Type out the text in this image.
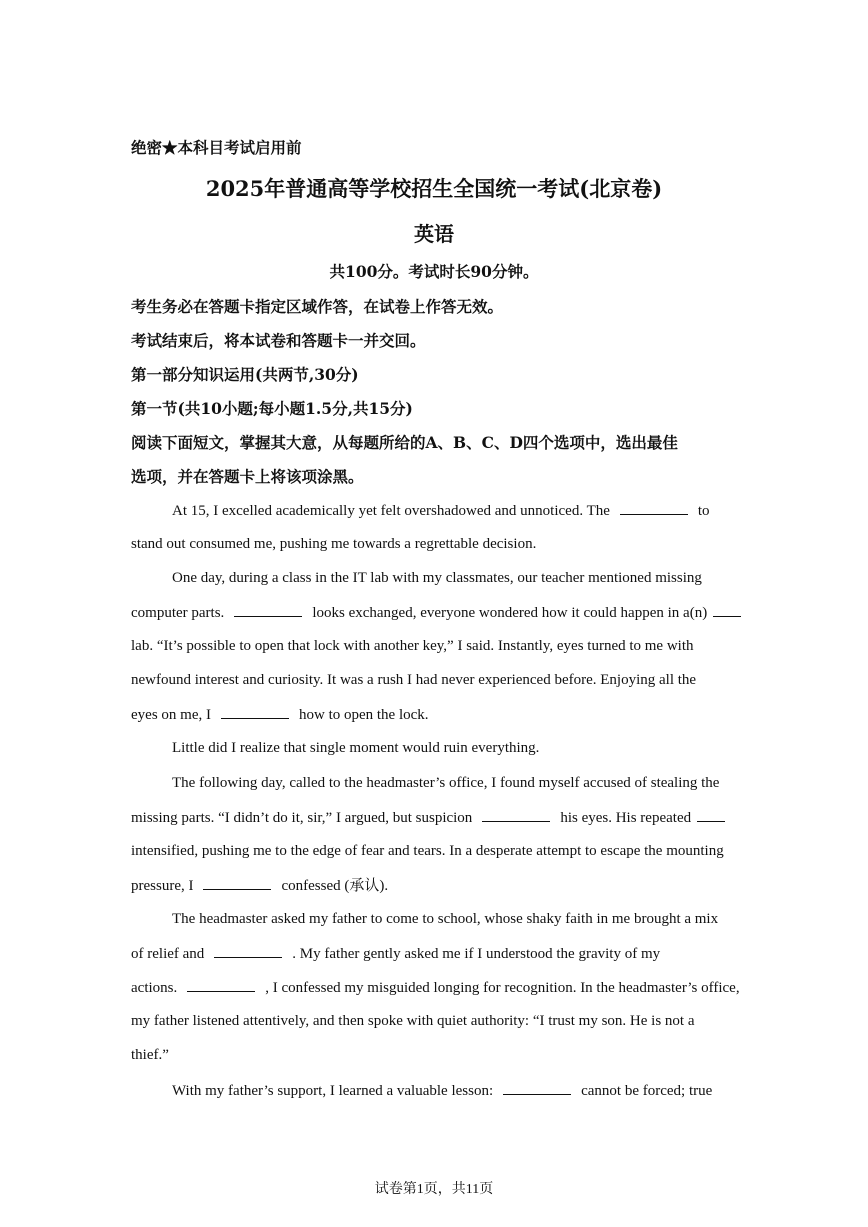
绝密★本科目考试启用前
2025年普通高等学校招生全国统一考试(北京卷)
英语
共100分。考试时长90分钟。
考生务必在答题卡指定区域作答，在试卷上作答无效。
考试结束后，将本试卷和答题卡一并交回。
第一部分知识运用(共两节,30分)
第一节(共10小题;每小题1.5分,共15分)
阅读下面短文，掌握其大意，从每题所给的A、B、C、D四个选项中，选出最佳
选项，并在答题卡上将该项涂黑。
At 15, I excelled academically yet felt overshadowed and unnoticed. The	to
stand out consumed me, pushing me towards a regrettable decision.
One day, during a class in the IT lab with my classmates, our teacher mentioned missing
computer parts.	looks exchanged, everyone wondered how it could happen in a(n)
lab. “It’s possible to open that lock with another key,” I said. Instantly, eyes turned to me with
newfound interest and curiosity. It was a rush I had never experienced before. Enjoying all the
eyes on me, I	how to open the lock.
Little did I realize that single moment would ruin everything.
The following day, called to the headmaster’s office, I found myself accused of stealing the
missing parts. “I didn’t do it, sir,” I argued, but suspicion	his eyes. His repeated
intensified, pushing me to the edge of fear and tears. In a desperate attempt to escape the mounting
pressure, I	confessed (承认).
The headmaster asked my father to come to school, whose shaky faith in me brought a mix
of relief and	. My father gently asked me if I understood the gravity of my
actions.	, I confessed my misguided longing for recognition. In the headmaster’s office,
my father listened attentively, and then spoke with quiet authority: “I trust my son. He is not a
thief.”
With my father’s support, I learned a valuable lesson:	cannot be forced; true
试卷第1页，共11页
